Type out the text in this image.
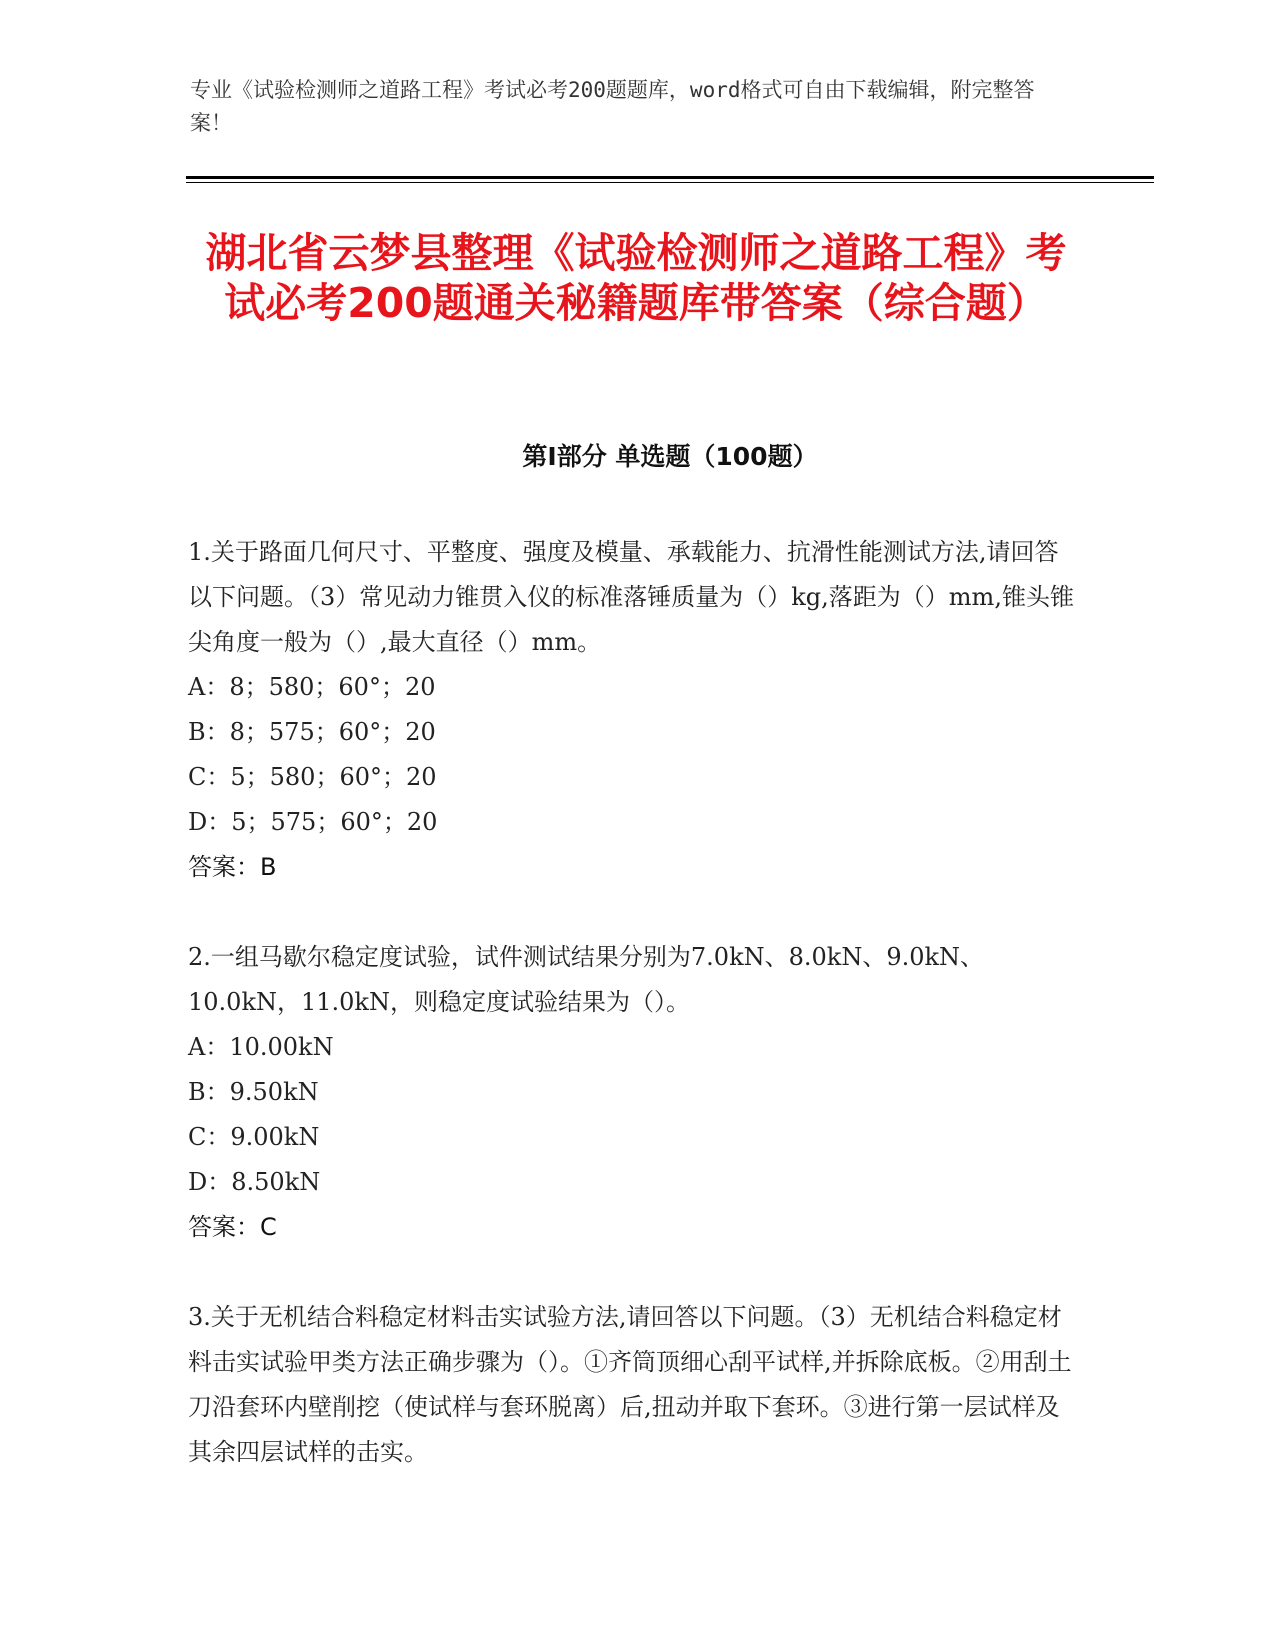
专业《试验检测师之道路工程》考试必考200题题库，word格式可自由下载编辑，附完整答案！
湖北省云梦县整理《试验检测师之道路工程》考试必考200题通关秘籍题库带答案（综合题）
第I部分 单选题（100题）

1.关于路面几何尺寸、平整度、强度及模量、承载能力、抗滑性能测试方法,请回答以下问题。（3）常见动力锥贯入仪的标准落锤质量为（）kg,落距为（）mm,锥头锥尖角度一般为（）,最大直径（）mm。

A：8；580；60°；20
B：8；575；60°；20
C：5；580；60°；20
D：5；575；60°；20
答案：B

2.一组马歇尔稳定度试验，试件测试结果分别为7.0kN、8.0kN、9.0kN、10.0kN，11.0kN，则稳定度试验结果为（）。

A：10.00kN
B：9.50kN
C：9.00kN
D：8.50kN
答案：C

3.关于无机结合料稳定材料击实试验方法,请回答以下问题。（3）无机结合料稳定材料击实试验甲类方法正确步骤为（）。①齐筒顶细心刮平试样,并拆除底板。②用刮土刀沿套环内壁削挖（使试样与套环脱离）后,扭动并取下套环。③进行第一层试样及其余四层试样的击实。
